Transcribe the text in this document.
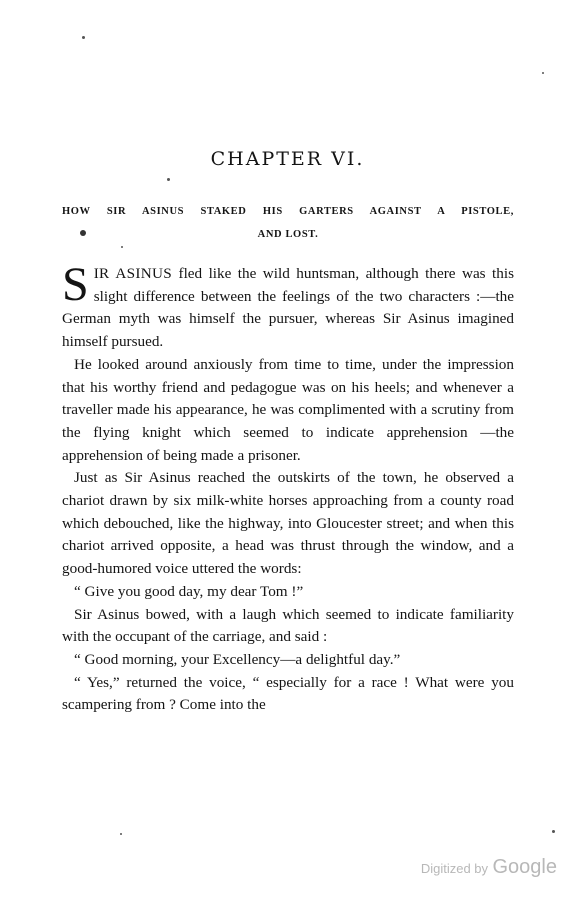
CHAPTER VI.
HOW SIR ASINUS STAKED HIS GARTERS AGAINST A PISTOLE,
AND LOST.

SIR ASINUS fled like the wild huntsman, although there was this slight difference between the feelings of the two characters :—the German myth was himself the pursuer, whereas Sir Asinus imagined himself pursued.

He looked around anxiously from time to time, under the impression that his worthy friend and pedagogue was on his heels; and whenever a traveller made his appearance, he was complimented with a scrutiny from the flying knight which seemed to indicate apprehension —the apprehension of being made a prisoner.

Just as Sir Asinus reached the outskirts of the town, he observed a chariot drawn by six milk-white horses approaching from a county road which debouched, like the highway, into Gloucester street; and when this chariot arrived opposite, a head was thrust through the window, and a good-humored voice uttered the words:

“ Give you good day, my dear Tom !”

Sir Asinus bowed, with a laugh which seemed to indicate familiarity with the occupant of the carriage, and said :

“ Good morning, your Excellency—a delightful day.”

“ Yes,” returned the voice, “ especially for a race ! What were you scampering from ? Come into the

Digitized by Google
